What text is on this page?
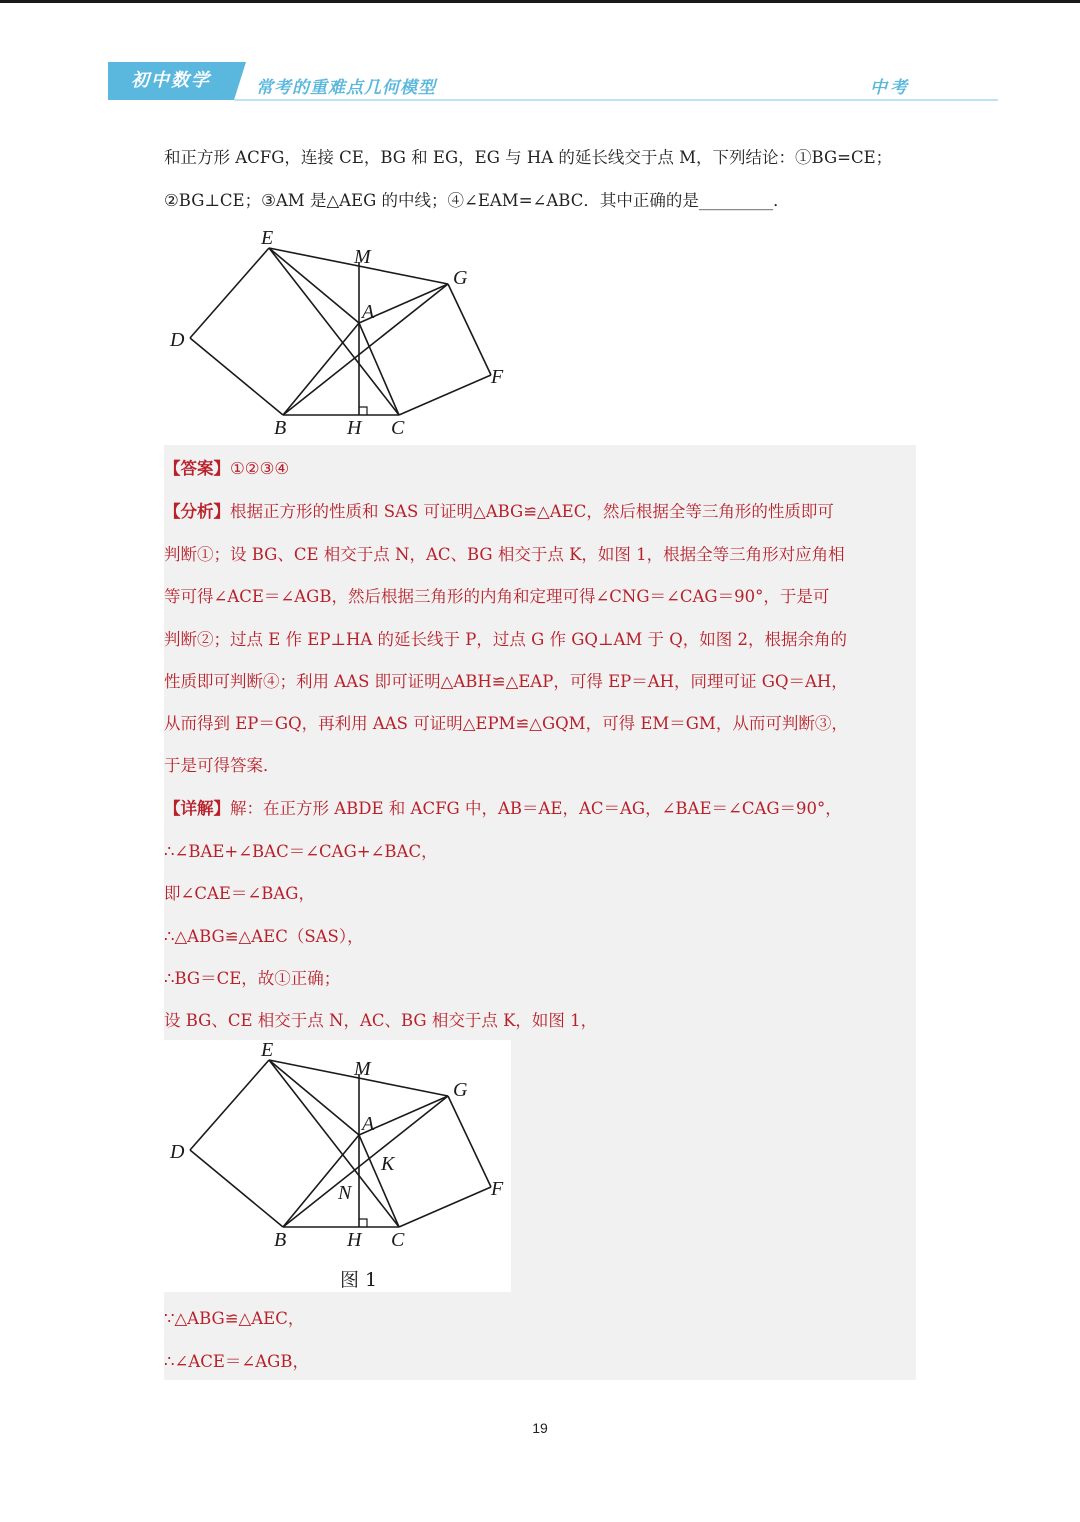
初中数学	常考的重难点几何模型	中考
和正方形 ACFG，连接 CE，BG 和 EG，EG 与 HA 的延长线交于点 M，下列结论：①BG=CE；
②BG⊥CE；③AM 是△AEG 的中线；④∠EAM=∠ABC．其中正确的是_________．
E
M
G
A
D
F
B	H C
【答案】①②③④
【分析】根据正方形的性质和 SAS 可证明△ABG≌△AEC，然后根据全等三角形的性质即可
判断①；设 BG、CE 相交于点 N，AC、BG 相交于点 K，如图 1，根据全等三角形对应角相
等可得∠ACE＝∠AGB，然后根据三角形的内角和定理可得∠CNG＝∠CAG＝90°，于是可
判断②；过点 E 作 EP⊥HA 的延长线于 P，过点 G 作 GQ⊥AM 于 Q，如图 2，根据余角的
性质即可判断④；利用 AAS 即可证明△ABH≌△EAP，可得 EP＝AH，同理可证 GQ＝AH，
从而得到 EP＝GQ，再利用 AAS 可证明△EPM≌△GQM，可得 EM＝GM，从而可判断③，
于是可得答案．
【详解】解：在正方形 ABDE 和 ACFG 中，AB＝AE，AC＝AG，∠BAE＝∠CAG＝90°，
∴∠BAE+∠BAC＝∠CAG+∠BAC，
即∠CAE＝∠BAG，
∴△ABG≌△AEC（SAS），
∴BG＝CE，故①正确；
设 BG、CE 相交于点 N，AC、BG 相交于点 K，如图 1，
E
M
G
A
K
D
N	F
B	H C
图 1
∵△ABG≌△AEC，
∴∠ACE＝∠AGB，
19
